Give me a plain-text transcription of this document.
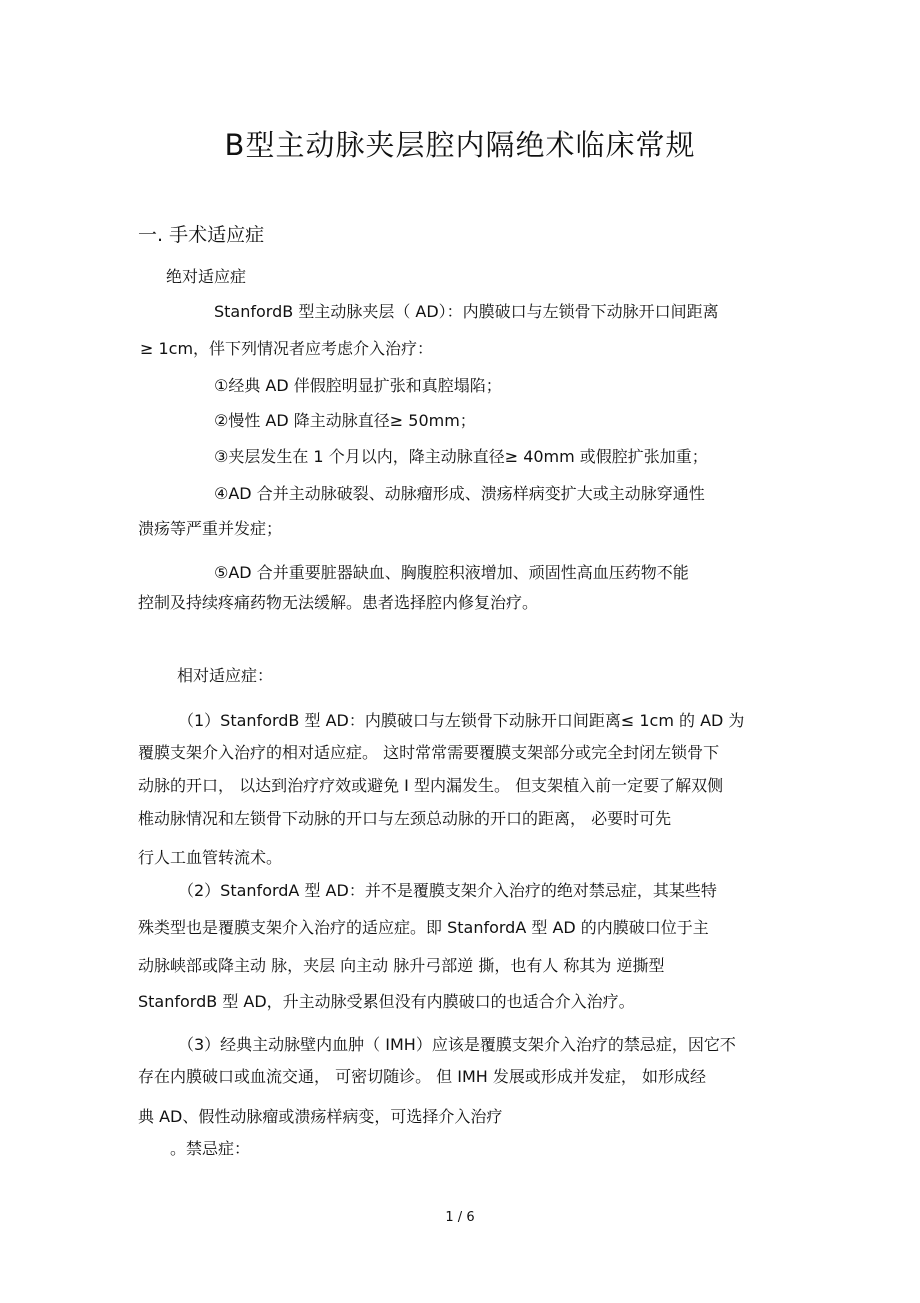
B型主动脉夹层腔内隔绝术临床常规
一. 手术适应症
绝对适应症
StanfordB 型主动脉夹层（ AD）：内膜破口与左锁骨下动脉开口间距离
≥ 1cm，伴下列情况者应考虑介入治疗：
①经典 AD 伴假腔明显扩张和真腔塌陷；
②慢性 AD 降主动脉直径≥ 50mm；
③夹层发生在 1 个月以内，降主动脉直径≥ 40mm 或假腔扩张加重；
④AD 合并主动脉破裂、动脉瘤形成、溃疡样病变扩大或主动脉穿通性
溃疡等严重并发症；
⑤AD 合并重要脏器缺血、胸腹腔积液增加、顽固性高血压药物不能
控制及持续疼痛药物无法缓解。患者选择腔内修复治疗。
相对适应症：
（1）StanfordB 型 AD：内膜破口与左锁骨下动脉开口间距离≤ 1cm 的 AD 为
覆膜支架介入治疗的相对适应症。 这时常常需要覆膜支架部分或完全封闭左锁骨下
动脉的开口， 以达到治疗疗效或避免 I 型内漏发生。 但支架植入前一定要了解双侧
椎动脉情况和左锁骨下动脉的开口与左颈总动脉的开口的距离， 必要时可先
行人工血管转流术。
（2）StanfordA 型 AD：并不是覆膜支架介入治疗的绝对禁忌症，其某些特
殊类型也是覆膜支架介入治疗的适应症。即 StanfordA 型 AD 的内膜破口位于主
动脉峡部或降主动 脉，夹层 向主动 脉升弓部逆 撕，也有人 称其为 逆撕型
StanfordB 型 AD，升主动脉受累但没有内膜破口的也适合介入治疗。
（3）经典主动脉壁内血肿（ IMH）应该是覆膜支架介入治疗的禁忌症，因它不
存在内膜破口或血流交通， 可密切随诊。 但 IMH 发展或形成并发症， 如形成经
典 AD、假性动脉瘤或溃疡样病变，可选择介入治疗
。禁忌症：
1 / 6
